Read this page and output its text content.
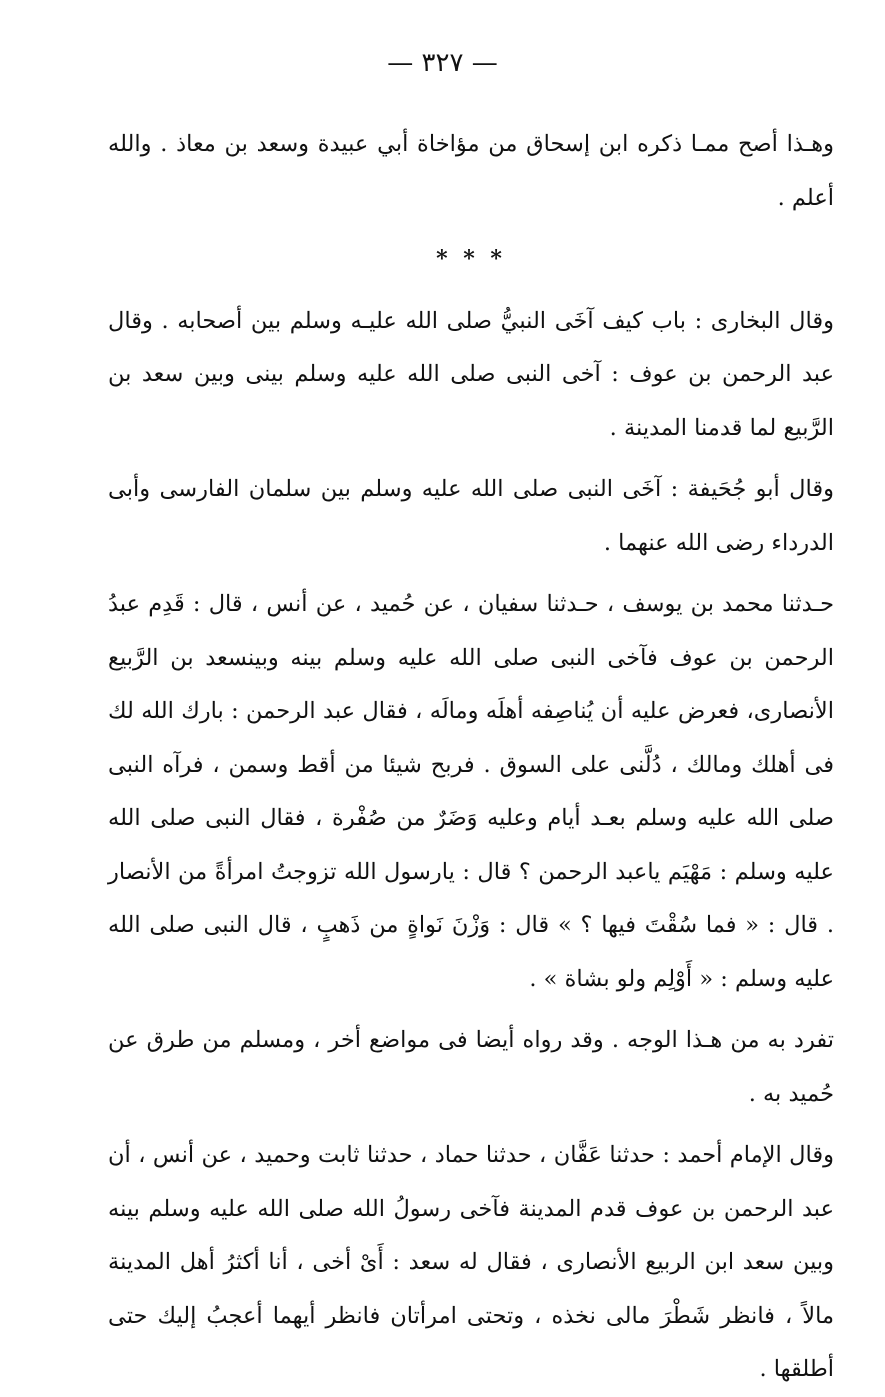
— ٣٢٧ —

وهـذا أصح ممـا ذكره ابن إسحاق من مؤاخاة أبي عبيدة وسعد بن معاذ . والله أعلم .

* * *

وقال البخارى : باب كيف آخَى النبيُّ صلى الله عليـه وسلم بين أصحابه . وقال عبد الرحمن بن عوف : آخى النبى صلى الله عليه وسلم بينى وبين سعد بن الرَّبيع لما قدمنا المدينة .

وقال أبو جُحَيفة : آخَى النبى صلى الله عليه وسلم بين سلمان الفارسى وأبى الدرداء رضى الله عنهما .

حـدثنا محمد بن يوسف ، حـدثنا سفيان ، عن حُميد ، عن أنس ، قال : قَدِم عبدُ الرحمن بن عوف فآخى النبى صلى الله عليه وسلم بينه وبينسعد بن الرَّبيع الأنصارى، فعرض عليه أن يُناصِفه أهلَه ومالَه ، فقال عبد الرحمن : بارك الله لك فى أهلك ومالك ، دُلَّنى على السوق . فربح شيئا من أقط وسمن ، فرآه النبى صلى الله عليه وسلم بعـد أيام وعليه وَضَرٌ من صُفْرة ، فقال النبى صلى الله عليه وسلم : مَهْيَم ياعبد الرحمن ؟ قال : يارسول الله تزوجتُ امرأةً من الأنصار . قال : « فما سُقْتَ فيها ؟ » قال : وَزْنَ نَواةٍ من ذَهبٍ ، قال النبى صلى الله عليه وسلم : « أَوْلِم ولو بشاة » .

تفرد به من هـذا الوجه . وقد رواه أيضا فى مواضع أخر ، ومسلم من طرق عن حُميد به .

وقال الإمام أحمد : حدثنا عَفَّان ، حدثنا حماد ، حدثنا ثابت وحميد ، عن أنس ، أن عبد الرحمن بن عوف قدم المدينة فآخى رسولُ الله صلى الله عليه وسلم بينه وبين سعد ابن الربيع الأنصارى ، فقال له سعد : أَىْ أخى ، أنا أكثرُ أهل المدينة مالاً ، فانظر شَطْرَ مالى نخذه ، وتحتى امرأتان فانظر أيهما أعجبُ إليك حتى أطلقها .
